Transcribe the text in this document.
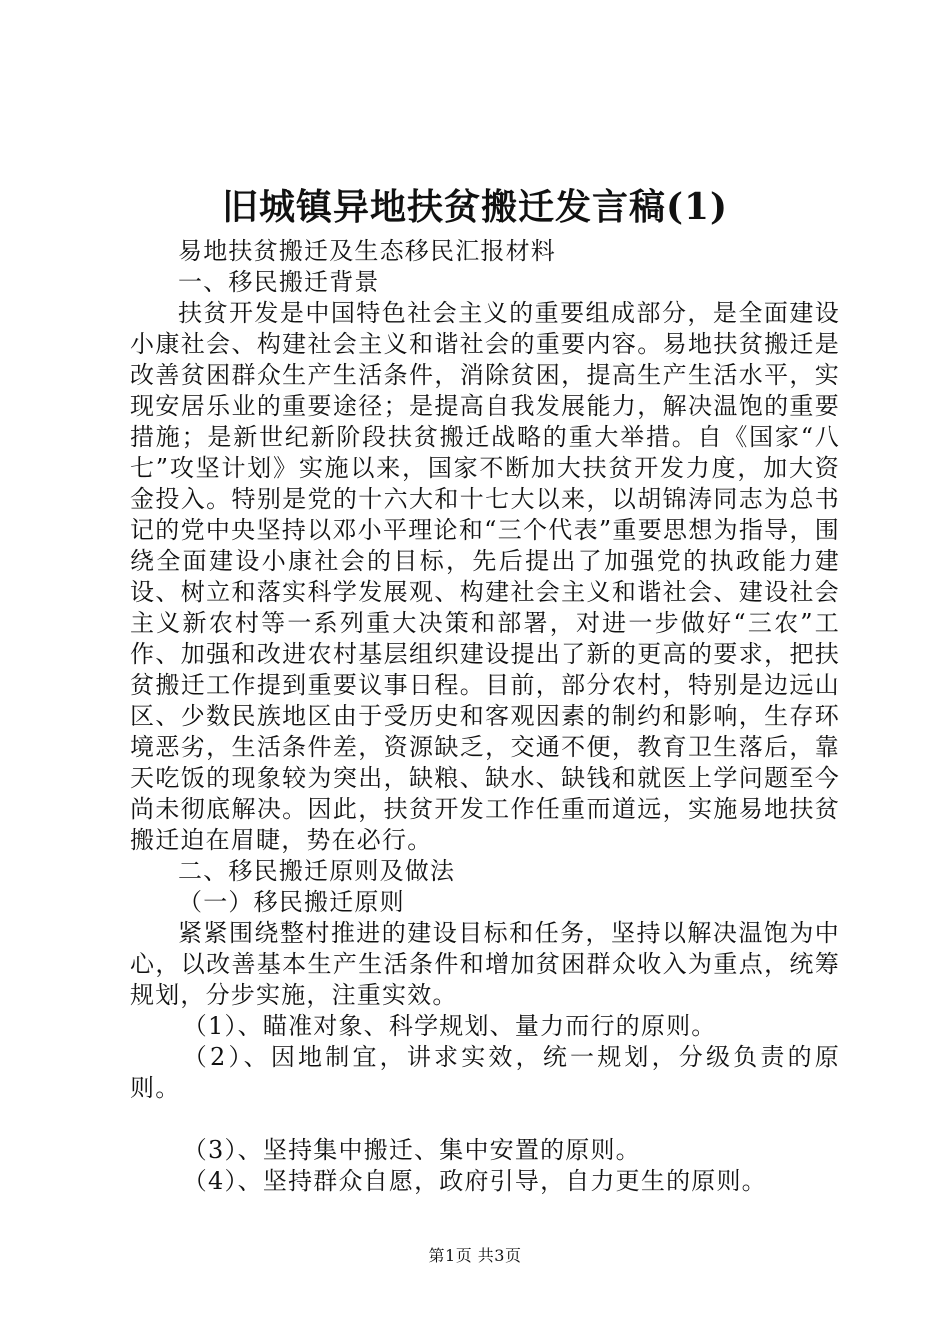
旧城镇异地扶贫搬迁发言稿(1)

易地扶贫搬迁及生态移民汇报材料

一、移民搬迁背景

扶贫开发是中国特色社会主义的重要组成部分，是全面建设小康社会、构建社会主义和谐社会的重要内容。易地扶贫搬迁是改善贫困群众生产生活条件，消除贫困，提高生产生活水平，实现安居乐业的重要途径；是提高自我发展能力，解决温饱的重要措施；是新世纪新阶段扶贫搬迁战略的重大举措。自《国家“八七”攻坚计划》实施以来，国家不断加大扶贫开发力度，加大资金投入。特别是党的十六大和十七大以来，以胡锦涛同志为总书记的党中央坚持以邓小平理论和“三个代表”重要思想为指导，围绕全面建设小康社会的目标，先后提出了加强党的执政能力建设、树立和落实科学发展观、构建社会主义和谐社会、建设社会主义新农村等一系列重大决策和部署，对进一步做好“三农”工作、加强和改进农村基层组织建设提出了新的更高的要求，把扶贫搬迁工作提到重要议事日程。目前，部分农村，特别是边远山区、少数民族地区由于受历史和客观因素的制约和影响，生存环境恶劣，生活条件差，资源缺乏，交通不便，教育卫生落后，靠天吃饭的现象较为突出，缺粮、缺水、缺钱和就医上学问题至今尚未彻底解决。因此，扶贫开发工作任重而道远，实施易地扶贫搬迁迫在眉睫，势在必行。

二、移民搬迁原则及做法

（一）移民搬迁原则

紧紧围绕整村推进的建设目标和任务，坚持以解决温饱为中心，以改善基本生产生活条件和增加贫困群众收入为重点，统筹规划，分步实施，注重实效。

（1）、瞄准对象、科学规划、量力而行的原则。

（2）、因地制宜，讲求实效，统一规划，分级负责的原则。

（3）、坚持集中搬迁、集中安置的原则。

（4）、坚持群众自愿，政府引导，自力更生的原则。

第1页 共3页
